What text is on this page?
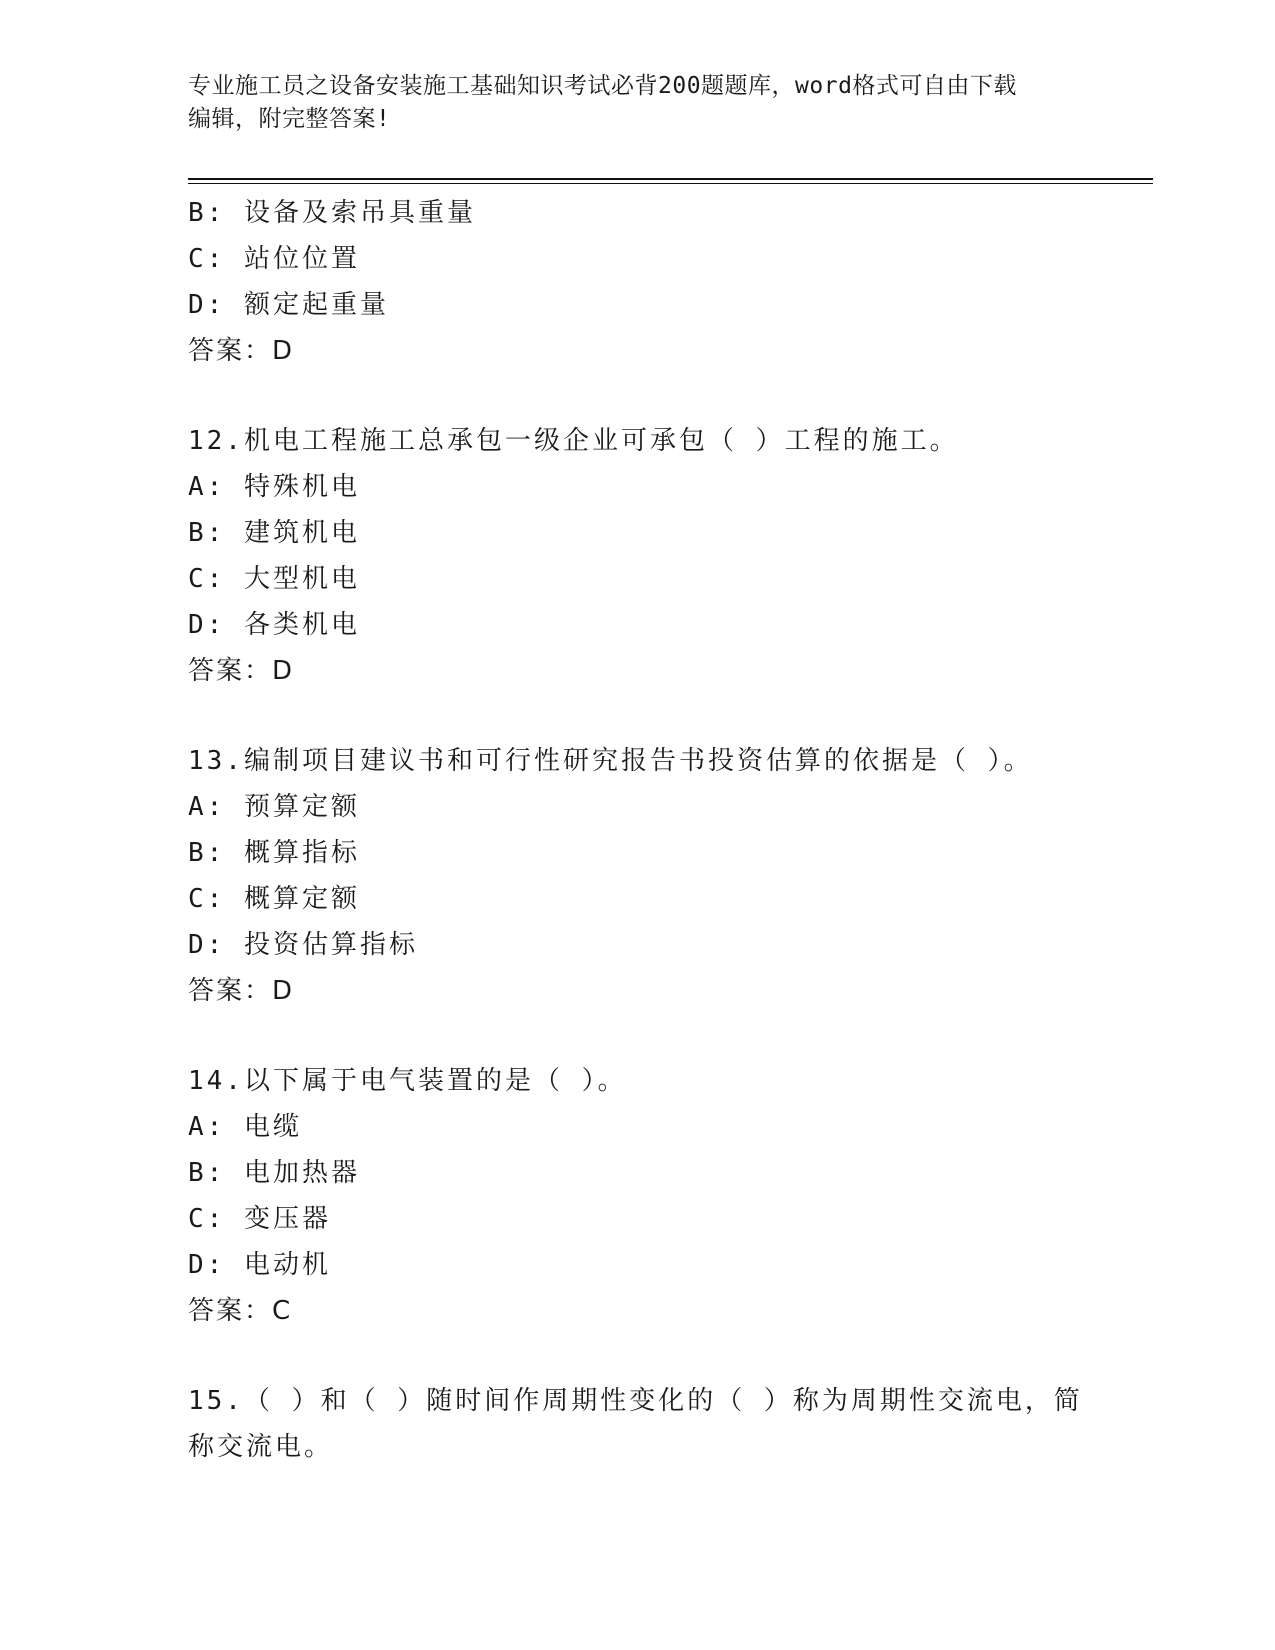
专业施工员之设备安装施工基础知识考试必背200题题库，word格式可自由下载
编辑，附完整答案!
B: 设备及索吊具重量
C: 站位位置
D: 额定起重量
答案：D
12.机电工程施工总承包一级企业可承包（ ）工程的施工。
A: 特殊机电
B: 建筑机电
C: 大型机电
D: 各类机电
答案：D
13.编制项目建议书和可行性研究报告书投资估算的依据是（ ）。
A: 预算定额
B: 概算指标
C: 概算定额
D: 投资估算指标
答案：D
14.以下属于电气装置的是（ ）。
A: 电缆
B: 电加热器
C: 变压器
D: 电动机
答案：C
15.（ ）和（ ）随时间作周期性变化的（ ）称为周期性交流电，简
称交流电。
